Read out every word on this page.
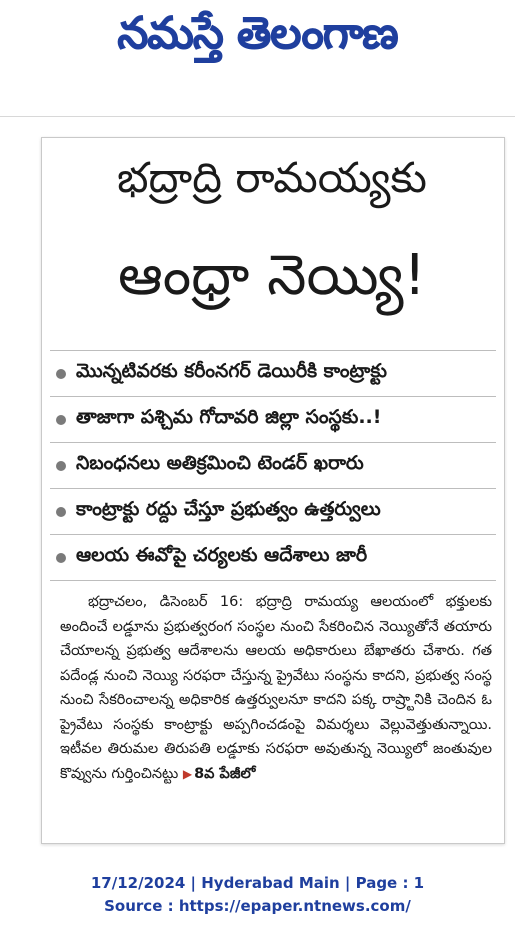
నమస్తే తెలంగాణ
భద్రాద్రి రామయ్యకు
ఆంధ్రా నెయ్యి!
మొన్నటివరకు కరీంనగర్ డెయిరీకి కాంట్రాక్టు
తాజాగా పశ్చిమ గోదావరి జిల్లా సంస్థకు..!
నిబంధనలు అతిక్రమించి టెండర్ ఖరారు
కాంట్రాక్టు రద్దు చేస్తూ ప్రభుత్వం ఉత్తర్వులు
ఆలయ ఈవోపై చర్యలకు ఆదేశాలు జారీ

భద్రాచలం, డిసెంబర్ 16: భద్రాద్రి రామయ్య ఆలయంలో భక్తులకు అందించే లడ్డూను ప్రభుత్వరంగ సంస్థల నుంచి సేకరించిన నెయ్యితోనే తయారు చేయాలన్న ప్రభుత్వ ఆదేశాలను ఆలయ అధికారులు బేఖాతరు చేశారు. గత పదేండ్ల నుంచి నెయ్యి సరఫరా చేస్తున్న ప్రైవేటు సంస్థను కాదని, ప్రభుత్వ సంస్థ నుంచి సేకరించాలన్న అధికారిక ఉత్తర్వులనూ కాదని పక్క రాష్ర్టానికి చెందిన ఓ ప్రైవేటు సంస్థకు కాంట్రాక్టు అప్పగించడంపై విమర్శలు వెల్లువెత్తుతున్నాయి. ఇటీవల తిరుమల తిరుపతి లడ్డూకు సరఫరా అవుతున్న నెయ్యిలో జంతువుల కొవ్వును గుర్తించినట్టు ▶ 8వ పేజీలో

17/12/2024 | Hyderabad Main | Page : 1
Source : https://epaper.ntnews.com/
